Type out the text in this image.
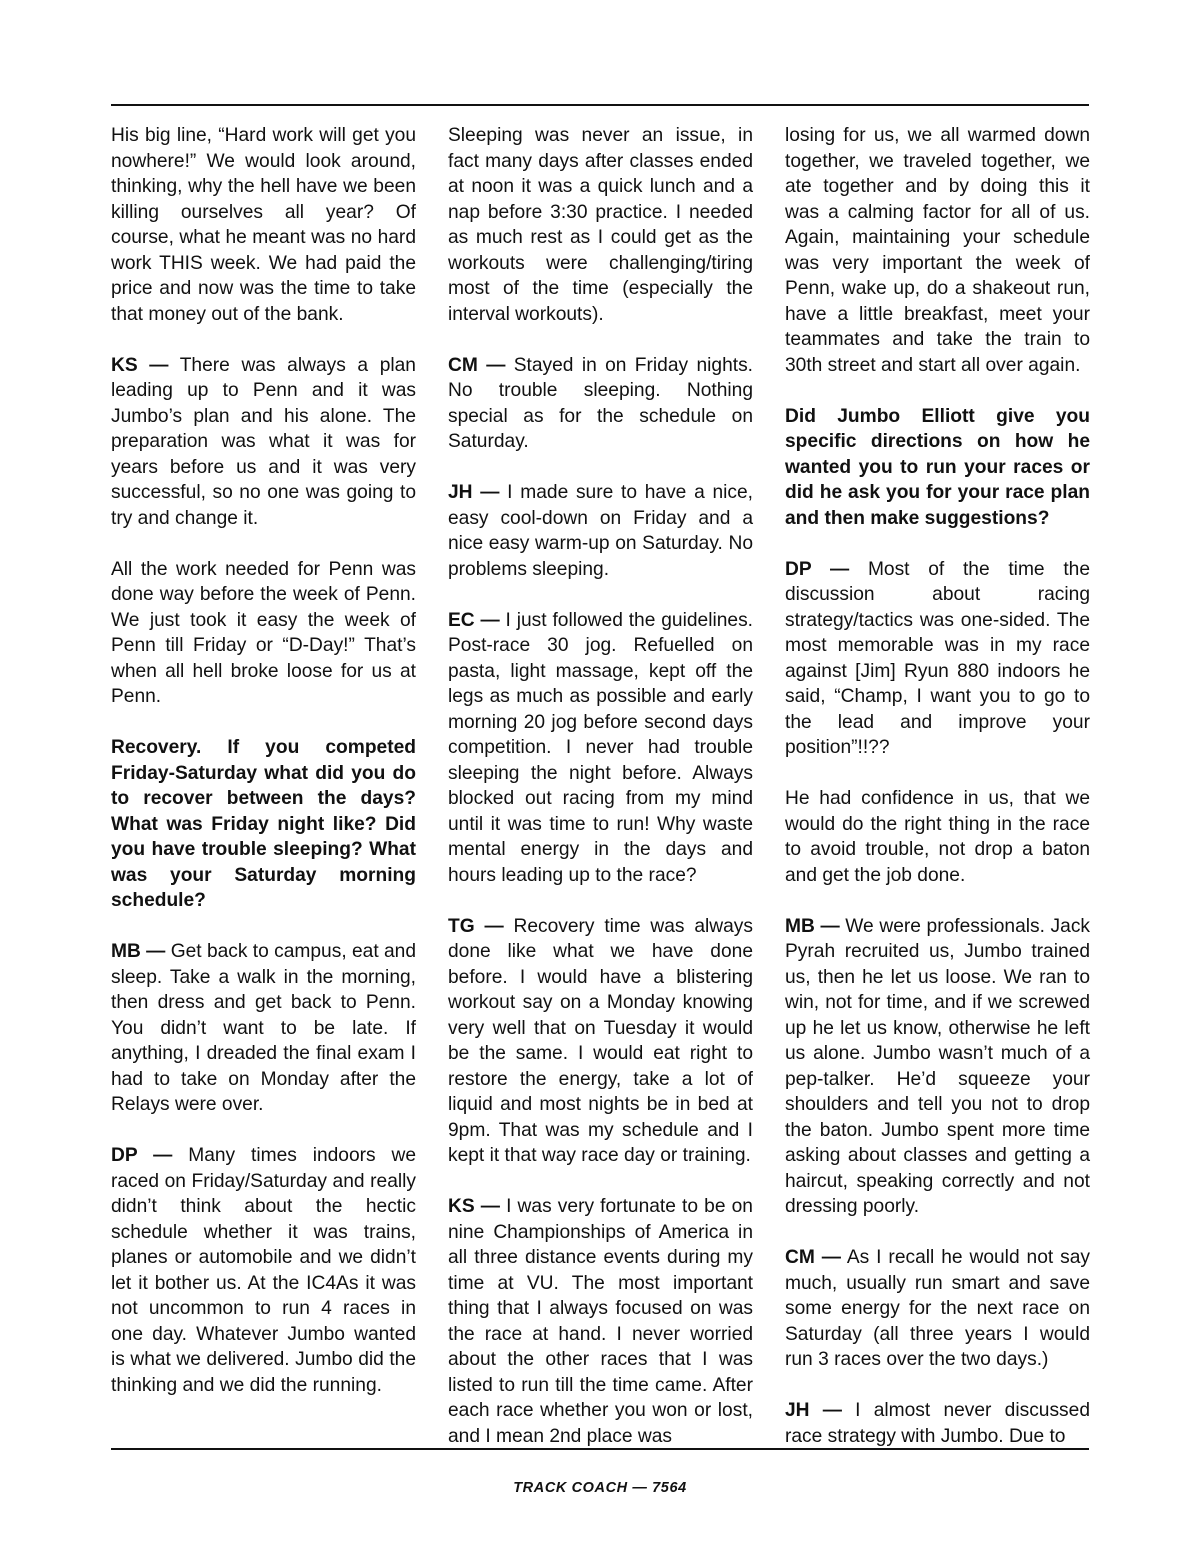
His big line, “Hard work will get you nowhere!” We would look around, thinking, why the hell have we been killing ourselves all year? Of course, what he meant was no hard work THIS week. We had paid the price and now was the time to take that money out of the bank.

KS — There was always a plan leading up to Penn and it was Jumbo’s plan and his alone. The preparation was what it was for years before us and it was very successful, so no one was going to try and change it.

All the work needed for Penn was done way before the week of Penn. We just took it easy the week of Penn till Friday or “D-Day!” That’s when all hell broke loose for us at Penn.

Recovery. If you competed Friday-Saturday what did you do to recover between the days? What was Friday night like? Did you have trouble sleeping? What was your Saturday morning schedule?

MB — Get back to campus, eat and sleep. Take a walk in the morning, then dress and get back to Penn. You didn’t want to be late. If anything, I dreaded the final exam I had to take on Monday after the Relays were over.

DP — Many times indoors we raced on Friday/Saturday and really didn’t think about the hectic schedule whether it was trains, planes or automobile and we didn’t let it bother us. At the IC4As it was not uncommon to run 4 races in one day. Whatever Jumbo wanted is what we delivered. Jumbo did the thinking and we did the running.

Sleeping was never an issue, in fact many days after classes ended at noon it was a quick lunch and a nap before 3:30 practice. I needed as much rest as I could get as the workouts were challenging/tiring most of the time (especially the interval workouts).

CM — Stayed in on Friday nights. No trouble sleeping. Nothing special as for the schedule on Saturday.

JH — I made sure to have a nice, easy cool-down on Friday and a nice easy warm-up on Saturday. No problems sleeping.

EC — I just followed the guidelines. Post-race 30 jog. Refuelled on pasta, light massage, kept off the legs as much as possible and early morning 20 jog before second days competition. I never had trouble sleeping the night before. Always blocked out racing from my mind until it was time to run! Why waste mental energy in the days and hours leading up to the race?

TG — Recovery time was always done like what we have done before. I would have a blistering workout say on a Monday knowing very well that on Tuesday it would be the same. I would eat right to restore the energy, take a lot of liquid and most nights be in bed at 9pm. That was my schedule and I kept it that way race day or training.

KS — I was very fortunate to be on nine Championships of America in all three distance events during my time at VU. The most important thing that I always focused on was the race at hand. I never worried about the other races that I was listed to run till the time came. After each race whether you won or lost, and I mean 2nd place was

losing for us, we all warmed down together, we traveled together, we ate together and by doing this it was a calming factor for all of us. Again, maintaining your schedule was very important the week of Penn, wake up, do a shakeout run, have a little breakfast, meet your teammates and take the train to 30th street and start all over again.

Did Jumbo Elliott give you specific directions on how he wanted you to run your races or did he ask you for your race plan and then make suggestions?

DP — Most of the time the discussion about racing strategy/tactics was one-sided. The most memorable was in my race against [Jim] Ryun 880 indoors he said, “Champ, I want you to go to the lead and improve your position”!!??

He had confidence in us, that we would do the right thing in the race to avoid trouble, not drop a baton and get the job done.

MB — We were professionals. Jack Pyrah recruited us, Jumbo trained us, then he let us loose. We ran to win, not for time, and if we screwed up he let us know, otherwise he left us alone. Jumbo wasn’t much of a pep-talker. He’d squeeze your shoulders and tell you not to drop the baton. Jumbo spent more time asking about classes and getting a haircut, speaking correctly and not dressing poorly.

CM — As I recall he would not say much, usually run smart and save some energy for the next race on Saturday (all three years I would run 3 races over the two days.)

JH — I almost never discussed race strategy with Jumbo. Due to

TRACK COACH — 7564
